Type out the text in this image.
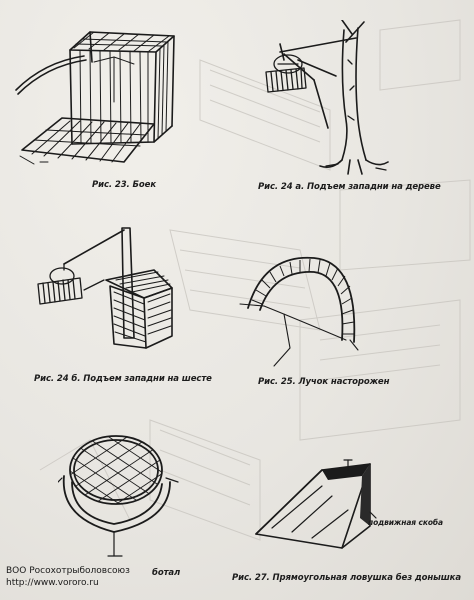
Рис. 23. Боек	Рис. 24 а. Подъем западни на дереве
Рис. 24 б. Подъем западни на шесте	Рис. 25. Лучок насторожен
ботал
подвижная скоба
Рис. 27. Прямоугольная ловушка без донышка
ВОО Росохотрыболовсоюз
http://www.vororo.ru
